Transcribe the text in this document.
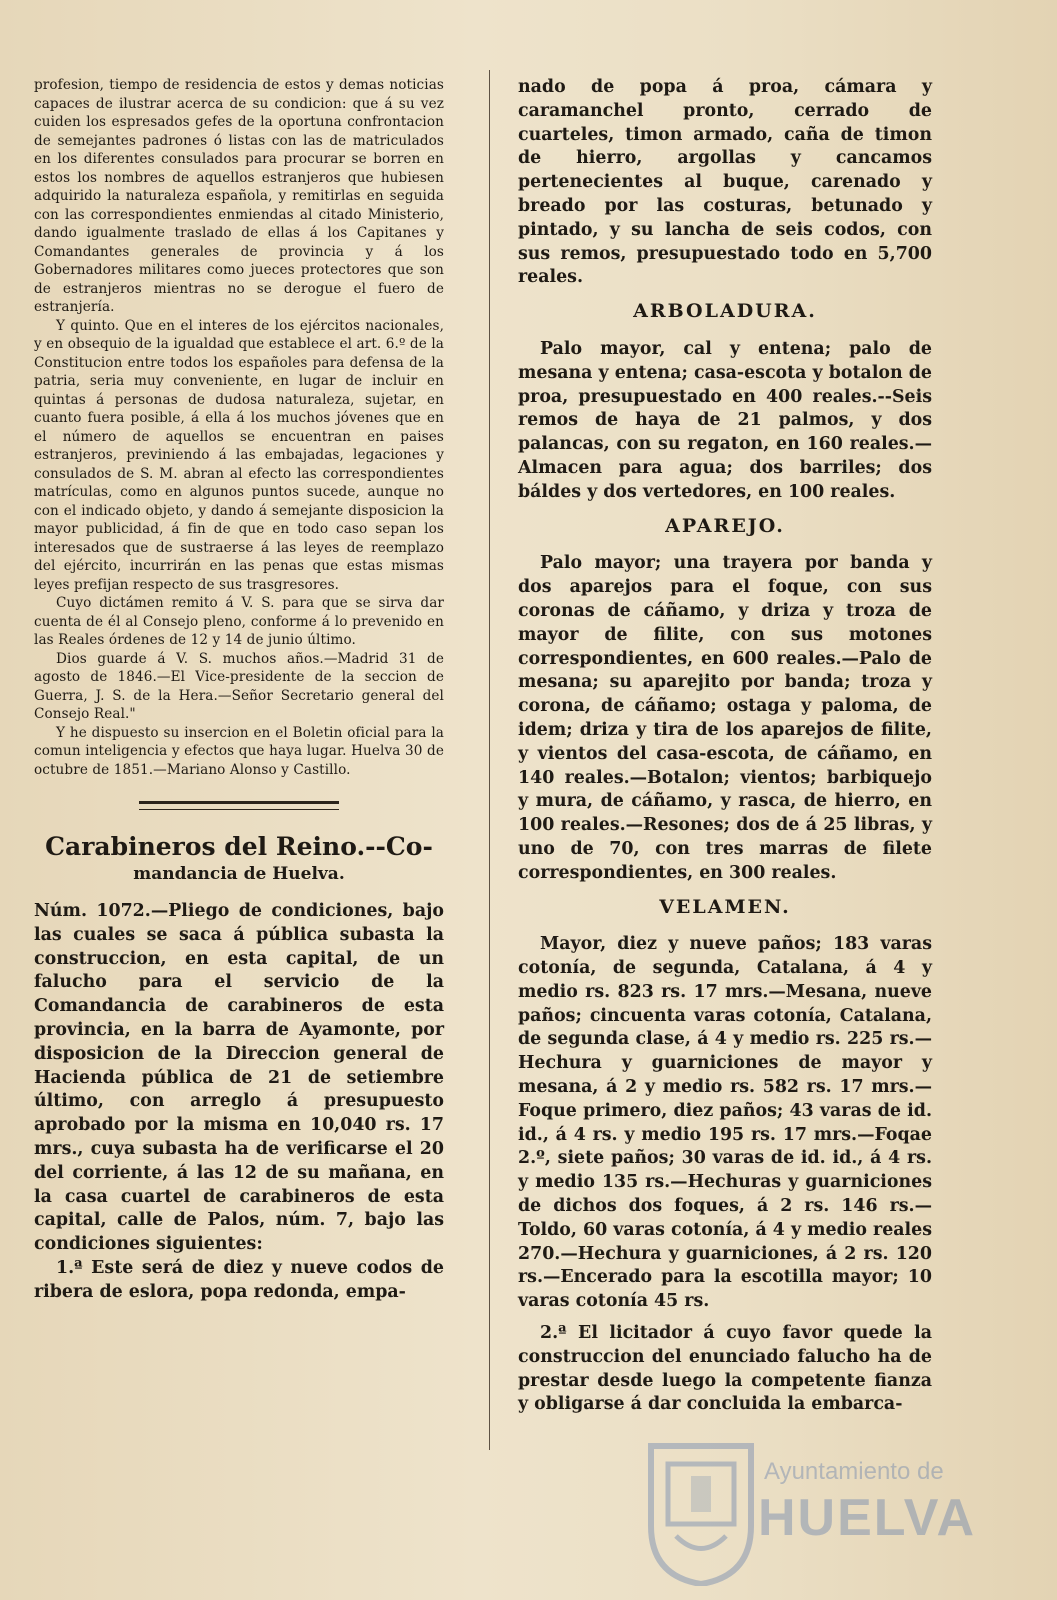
profesion, tiempo de residencia de estos y demas noticias capaces de ilustrar acerca de su condicion: que á su vez cuiden los espresados gefes de la oportuna confrontacion de semejantes padrones ó listas con las de matriculados en los diferentes consulados para procurar se borren en estos los nombres de aquellos estranjeros que hubiesen adquirido la naturaleza española, y remitirlas en seguida con las correspondientes enmiendas al citado Ministerio, dando igualmente traslado de ellas á los Capitanes y Comandantes generales de provincia y á los Gobernadores militares como jueces protectores que son de estranjeros mientras no se derogue el fuero de estranjería.

Y quinto. Que en el interes de los ejércitos nacionales, y en obsequio de la igualdad que establece el art. 6.º de la Constitucion entre todos los españoles para defensa de la patria, seria muy conveniente, en lugar de incluir en quintas á personas de dudosa naturaleza, sujetar, en cuanto fuera posible, á ella á los muchos jóvenes que en el número de aquellos se encuentran en paises estranjeros, previniendo á las embajadas, legaciones y consulados de S. M. abran al efecto las correspondientes matrículas, como en algunos puntos sucede, aunque no con el indicado objeto, y dando á semejante disposicion la mayor publicidad, á fin de que en todo caso sepan los interesados que de sustraerse á las leyes de reemplazo del ejército, incurrirán en las penas que estas mismas leyes prefijan respecto de sus trasgresores.

Cuyo dictámen remito á V. S. para que se sirva dar cuenta de él al Consejo pleno, conforme á lo prevenido en las Reales órdenes de 12 y 14 de junio último.

Dios guarde á V. S. muchos años.—Madrid 31 de agosto de 1846.—El Vice-presidente de la seccion de Guerra, J. S. de la Hera.—Señor Secretario general del Consejo Real."

Y he dispuesto su insercion en el Boletin oficial para la comun inteligencia y efectos que haya lugar. Huelva 30 de octubre de 1851.—Mariano Alonso y Castillo.

Carabineros del Reino.--Co-
mandancia de Huelva.

Núm. 1072.—Pliego de condiciones, bajo las cuales se saca á pública subasta la construccion, en esta capital, de un falucho para el servicio de la Comandancia de carabineros de esta provincia, en la barra de Ayamonte, por disposicion de la Direccion general de Hacienda pública de 21 de setiembre último, con arreglo á presupuesto aprobado por la misma en 10,040 rs. 17 mrs., cuya subasta ha de verificarse el 20 del corriente, á las 12 de su mañana, en la casa cuartel de carabineros de esta capital, calle de Palos, núm. 7, bajo las condiciones siguientes:

1.ª Este será de diez y nueve codos de ribera de eslora, popa redonda, empa-

nado de popa á proa, cámara y caramanchel pronto, cerrado de cuarteles, timon armado, caña de timon de hierro, argollas y cancamos pertenecientes al buque, carenado y breado por las costuras, betunado y pintado, y su lancha de seis codos, con sus remos, presupuestado todo en 5,700 reales.

ARBOLADURA.

Palo mayor, cal y entena; palo de mesana y entena; casa-escota y botalon de proa, presupuestado en 400 reales.--Seis remos de haya de 21 palmos, y dos palancas, con su regaton, en 160 reales.—Almacen para agua; dos barriles; dos báldes y dos vertedores, en 100 reales.

APAREJO.

Palo mayor; una trayera por banda y dos aparejos para el foque, con sus coronas de cáñamo, y driza y troza de mayor de filite, con sus motones correspondientes, en 600 reales.—Palo de mesana; su aparejito por banda; troza y corona, de cáñamo; ostaga y paloma, de idem; driza y tira de los aparejos de filite, y vientos del casa-escota, de cáñamo, en 140 reales.—Botalon; vientos; barbiquejo y mura, de cáñamo, y rasca, de hierro, en 100 reales.—Resones; dos de á 25 libras, y uno de 70, con tres marras de filete correspondientes, en 300 reales.

VELAMEN.

Mayor, diez y nueve paños; 183 varas cotonía, de segunda, Catalana, á 4 y medio rs. 823 rs. 17 mrs.—Mesana, nueve paños; cincuenta varas cotonía, Catalana, de segunda clase, á 4 y medio rs. 225 rs.—Hechura y guarniciones de mayor y mesana, á 2 y medio rs. 582 rs. 17 mrs.—Foque primero, diez paños; 43 varas de id. id., á 4 rs. y medio 195 rs. 17 mrs.—Foqae 2.º, siete paños; 30 varas de id. id., á 4 rs. y medio 135 rs.—Hechuras y guarniciones de dichos dos foques, á 2 rs. 146 rs.—Toldo, 60 varas cotonía, á 4 y medio reales 270.—Hechura y guarniciones, á 2 rs. 120 rs.—Encerado para la escotilla mayor; 10 varas cotonía 45 rs.

2.ª El licitador á cuyo favor quede la construccion del enunciado falucho ha de prestar desde luego la competente fianza y obligarse á dar concluida la embarca-

Ayuntamiento de
HUELVA
